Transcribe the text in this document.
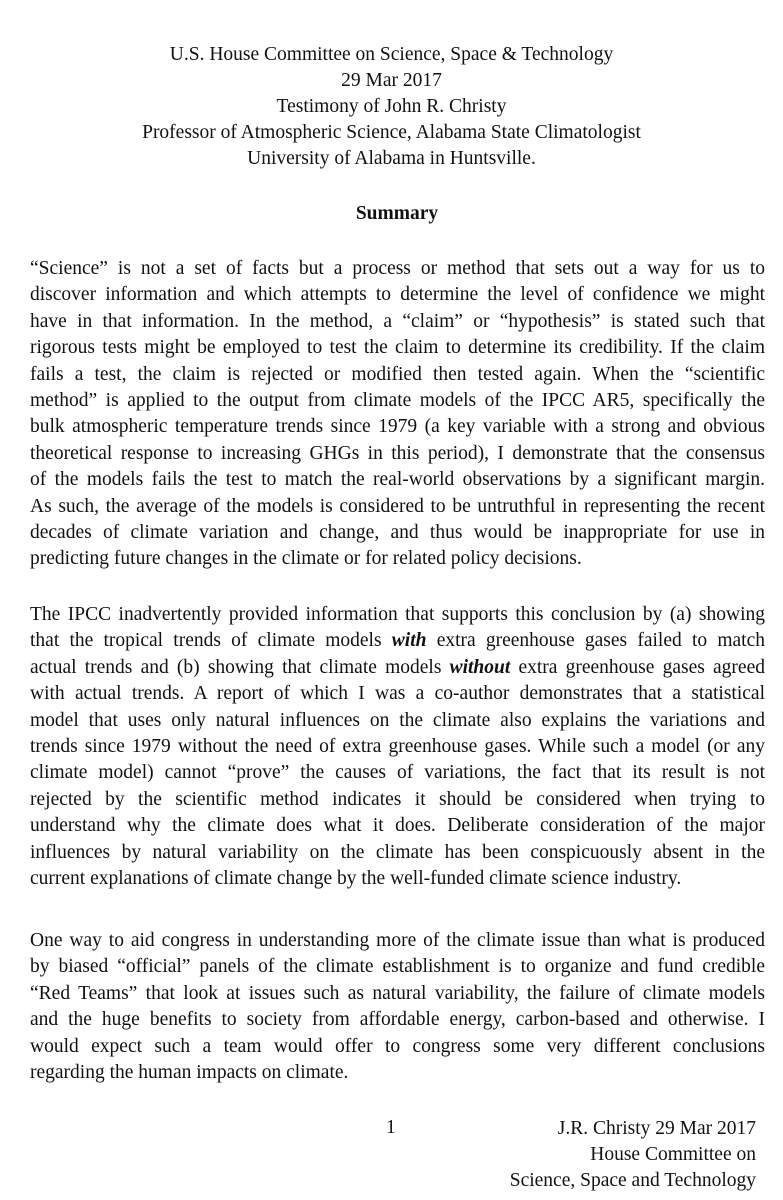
U.S. House Committee on Science, Space & Technology
29 Mar 2017
Testimony of John R. Christy
Professor of Atmospheric Science, Alabama State Climatologist
University of Alabama in Huntsville.
Summary
“Science” is not a set of facts but a process or method that sets out a way for us to
discover information and which attempts to determine the level of confidence we might
have in that information. In the method, a “claim” or “hypothesis” is stated such that
rigorous tests might be employed to test the claim to determine its credibility. If the claim
fails a test, the claim is rejected or modified then tested again. When the “scientific
method” is applied to the output from climate models of the IPCC AR5, specifically the
bulk atmospheric temperature trends since 1979 (a key variable with a strong and obvious
theoretical response to increasing GHGs in this period), I demonstrate that the consensus
of the models fails the test to match the real-world observations by a significant margin.
As such, the average of the models is considered to be untruthful in representing the recent
decades of climate variation and change, and thus would be inappropriate for use in
predicting future changes in the climate or for related policy decisions.
The IPCC inadvertently provided information that supports this conclusion by (a) showing
that the tropical trends of climate models with extra greenhouse gases failed to match
actual trends and (b) showing that climate models without extra greenhouse gases agreed
with actual trends. A report of which I was a co-author demonstrates that a statistical
model that uses only natural influences on the climate also explains the variations and
trends since 1979 without the need of extra greenhouse gases. While such a model (or any
climate model) cannot “prove” the causes of variations, the fact that its result is not
rejected by the scientific method indicates it should be considered when trying to
understand why the climate does what it does. Deliberate consideration of the major
influences by natural variability on the climate has been conspicuously absent in the
current explanations of climate change by the well-funded climate science industry.
One way to aid congress in understanding more of the climate issue than what is produced
by biased “official” panels of the climate establishment is to organize and fund credible
“Red Teams” that look at issues such as natural variability, the failure of climate models
and the huge benefits to society from affordable energy, carbon-based and otherwise. I
would expect such a team would offer to congress some very different conclusions
regarding the human impacts on climate.
1	J.R. Christy 29 Mar 2017
House Committee on
Science, Space and Technology
